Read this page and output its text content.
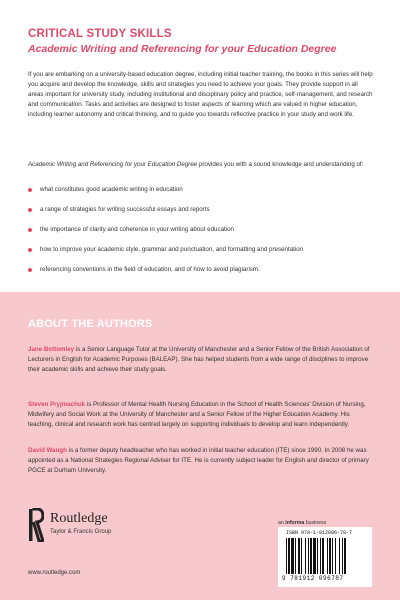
CRITICAL STUDY SKILLS
Academic Writing and Referencing for your Education Degree

If you are embarking on a university-based education degree, including initial teacher training, the books in this series will help you acquire and develop the knowledge, skills and strategies you need to achieve your goals. They provide support in all areas important for university study, including institutional and disciplinary policy and practice, self-management, and research and communication. Tasks and activities are designed to foster aspects of learning which are valued in higher education, including learner autonomy and critical thinking, and to guide you towards reflective practice in your study and work life.

Academic Writing and Referencing for your Education Degree provides you with a sound knowledge and understanding of:

what constitutes good academic writing in education
a range of strategies for writing successful essays and reports
the importance of clarity and coherence in your writing about education
how to improve your academic style, grammar and punctuation, and formatting and presentation
referencing conventions in the field of education, and of how to avoid plagiarism.
ABOUT THE AUTHORS

Jane Bottomley is a Senior Language Tutor at the University of Manchester and a Senior Fellow of the British Association of Lecturers in English for Academic Purposes (BALEAP). She has helped students from a wide range of disciplines to improve their academic skills and achieve their study goals.

Steven Pryjmachuk is Professor of Mental Health Nursing Education in the School of Health Sciences' Division of Nursing, Midwifery and Social Work at the University of Manchester and a Senior Fellow of the Higher Education Academy. His teaching, clinical and research work has centred largely on supporting individuals to develop and learn independently.

David Waugh is a former deputy headteacher who has worked in initial teacher education (ITE) since 1990. In 2008 he was appointed as a National Strategies Regional Adviser for ITE. He is currently subject leader for English and director of primary PGCE at Durham University.

Routledge

Taylor & Francis Group

www.routledge.com

an informa business

ISBN 978-1-912096-78-7

9 781912 096787
